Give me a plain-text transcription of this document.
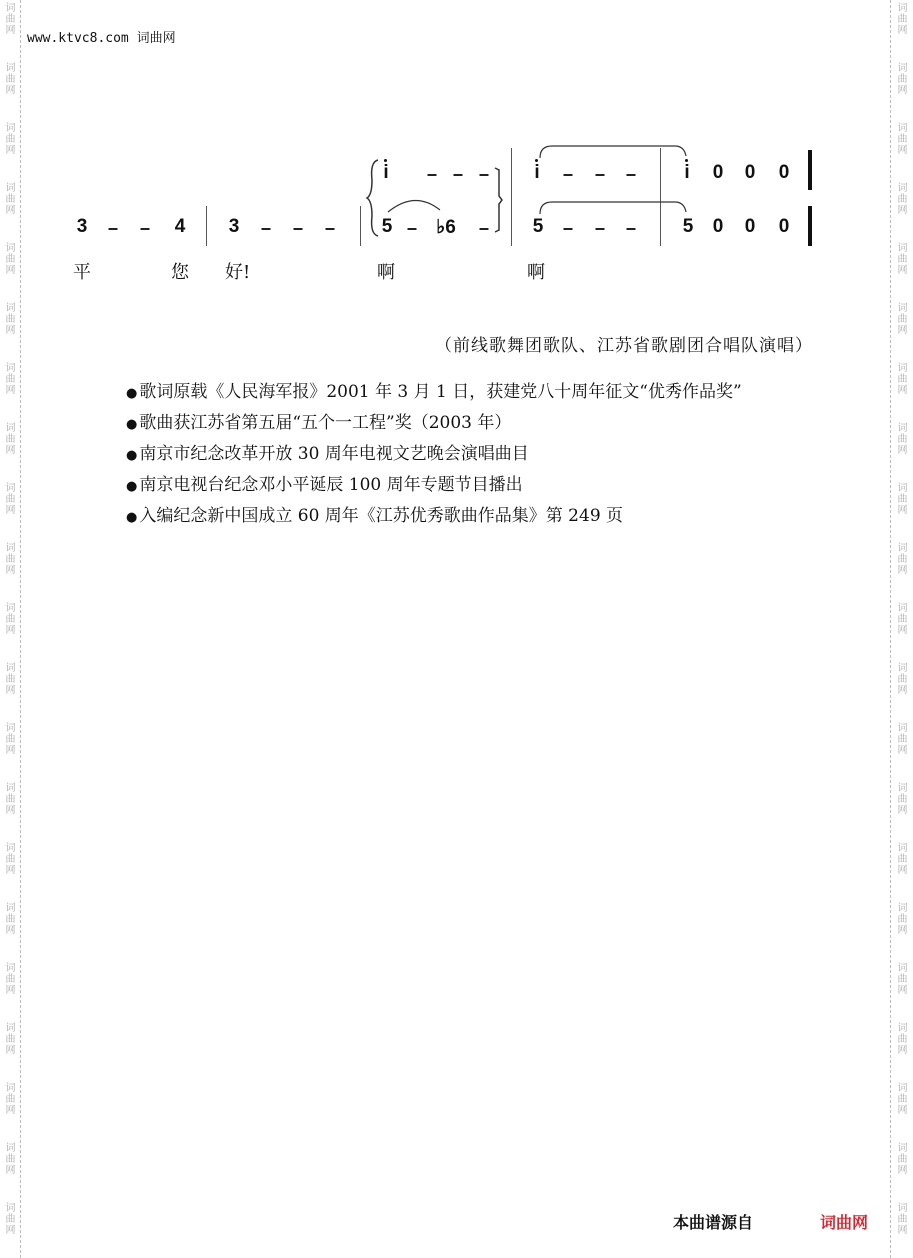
词曲网
词曲网
词曲网
词曲网
词曲网
词曲网
词曲网
词曲网
词曲网
词曲网
词曲网
词曲网
词曲网
词曲网
词曲网
词曲网
词曲网
词曲网
词曲网
词曲网
词曲网
词曲网
词曲网
词曲网
词曲网
词曲网
词曲网
词曲网
词曲网
词曲网
词曲网
词曲网
词曲网
词曲网
词曲网
词曲网
词曲网
词曲网
词曲网
词曲网
词曲网
词曲网
www.ktvc8.com 词曲网
3	4 3	5 ♭6	5	5 0 0 0
i	i	i 0 0 0
平	您 好!	啊	啊
（前线歌舞团歌队、江苏省歌剧团合唱队演唱）
● 歌词原载《人民海军报》2001 年 3 月 1 日，获建党八十周年征文“优秀作品奖”
● 歌曲获江苏省第五届“五个一工程”奖（2003 年）
● 南京市纪念改革开放 30 周年电视文艺晚会演唱曲目
● 南京电视台纪念邓小平诞辰 100 周年专题节目播出
● 入编纪念新中国成立 60 周年《江苏优秀歌曲作品集》第 249 页
本曲谱源自	词曲网
